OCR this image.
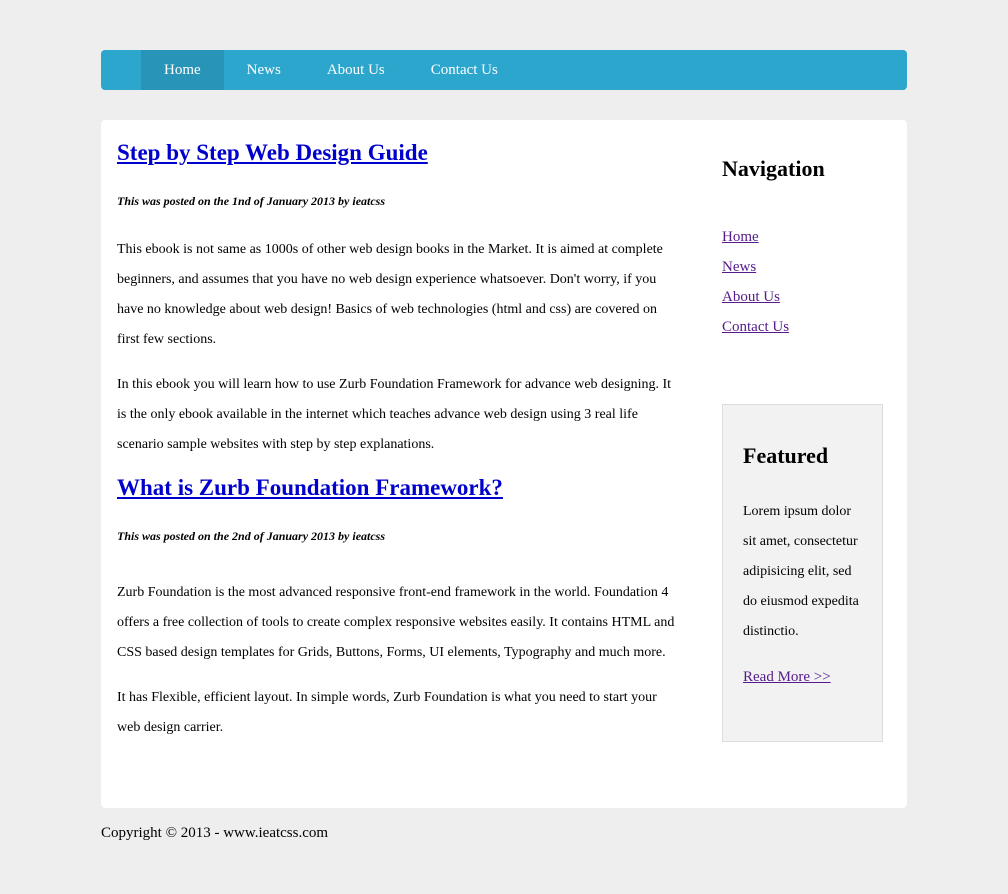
Home	News	About Us	Contact Us
Step by Step Web Design Guide
This was posted on the 1nd of January 2013 by ieatcss

This ebook is not same as 1000s of other web design books in the Market. It is aimed at complete beginners, and assumes that you have no web design experience whatsoever. Don't worry, if you have no knowledge about web design! Basics of web technologies (html and css) are covered on first few sections.

In this ebook you will learn how to use Zurb Foundation Framework for advance web designing. It is the only ebook available in the internet which teaches advance web design using 3 real life scenario sample websites with step by step explanations.

What is Zurb Foundation Framework?
This was posted on the 2nd of January 2013 by ieatcss

Zurb Foundation is the most advanced responsive front-end framework in the world. Foundation 4 offers a free collection of tools to create complex responsive websites easily. It contains HTML and CSS based design templates for Grids, Buttons, Forms, UI elements, Typography and much more.

It has Flexible, efficient layout. In simple words, Zurb Foundation is what you need to start your web design carrier.

Navigation
Home
News
About Us
Contact Us
Featured

Lorem ipsum dolor sit amet, consectetur adipisicing elit, sed do eiusmod expedita distinctio.

Read More >>

Copyright © 2013 - www.ieatcss.com
